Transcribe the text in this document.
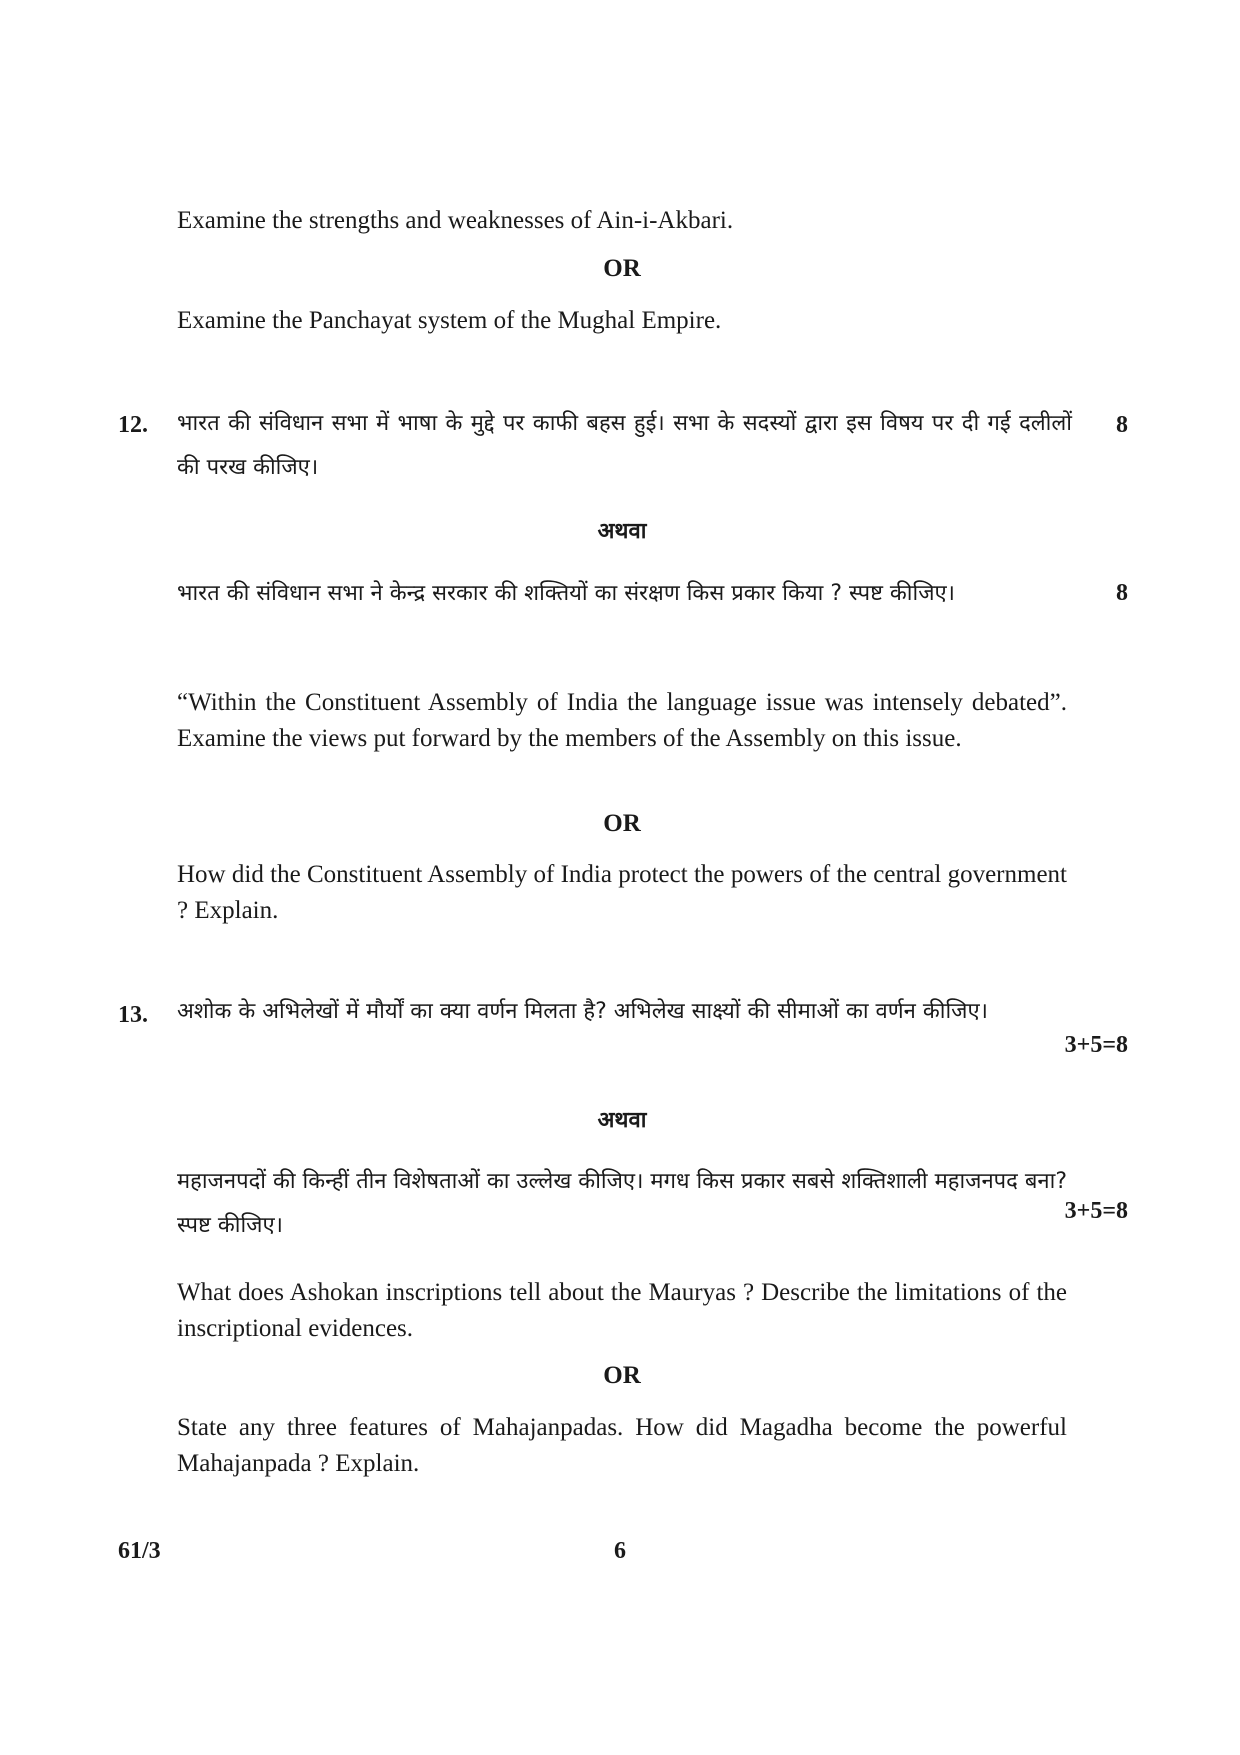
Examine the strengths and weaknesses of Ain-i-Akbari.
OR
Examine the Panchayat system of the Mughal Empire.
12. भारत की संविधान सभा में भाषा के मुद्दे पर काफी बहस हुई। सभा के सदस्यों द्वारा इस विषय पर दी गई दलीलों की परख कीजिए।
8
अथवा
भारत की संविधान सभा ने केन्द्र सरकार की शक्तियों का संरक्षण किस प्रकार किया ? स्पष्ट कीजिए।	8
“Within the Constituent Assembly of India the language issue was intensely debated”. Examine the views put forward by the members of the Assembly on this issue.
OR
How did the Constituent Assembly of India protect the powers of the central government ? Explain.
13. अशोक के अभिलेखों में मौर्यों का क्या वर्णन मिलता है? अभिलेख साक्ष्यों की सीमाओं का वर्णन कीजिए।
3+5=8
अथवा
महाजनपदों की किन्हीं तीन विशेषताओं का उल्लेख कीजिए। मगध किस प्रकार सबसे शक्तिशाली महाजनपद बना? स्पष्ट कीजिए।
3+5=8
What does Ashokan inscriptions tell about the Mauryas ? Describe the limitations of the inscriptional evidences.
OR
State any three features of Mahajanpadas. How did Magadha become the powerful Mahajanpada ? Explain.
61/3	6
